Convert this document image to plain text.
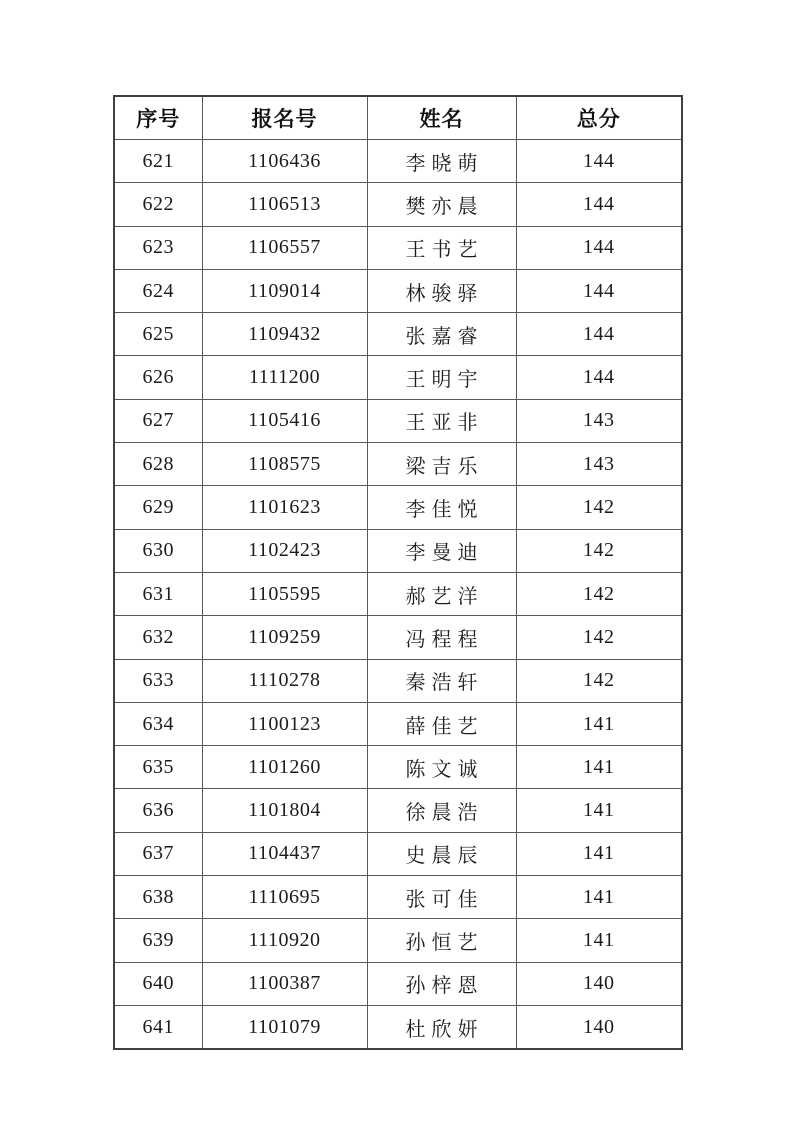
序号	报名号	姓名	总分
621	1106436	李晓萌	144
622	1106513	樊亦晨	144
623	1106557	王书艺	144
624	1109014	林骏驿	144
625	1109432	张嘉睿	144
626	1111200	王明宇	144
627	1105416	王亚非	143
628	1108575	梁吉乐	143
629	1101623	李佳悦	142
630	1102423	李曼迪	142
631	1105595	郝艺洋	142
632	1109259	冯程程	142
633	1110278	秦浩轩	142
634	1100123	薛佳艺	141
635	1101260	陈文诚	141
636	1101804	徐晨浩	141
637	1104437	史晨辰	141
638	1110695	张可佳	141
639	1110920	孙恒艺	141
640	1100387	孙梓恩	140
641	1101079	杜欣妍	140
